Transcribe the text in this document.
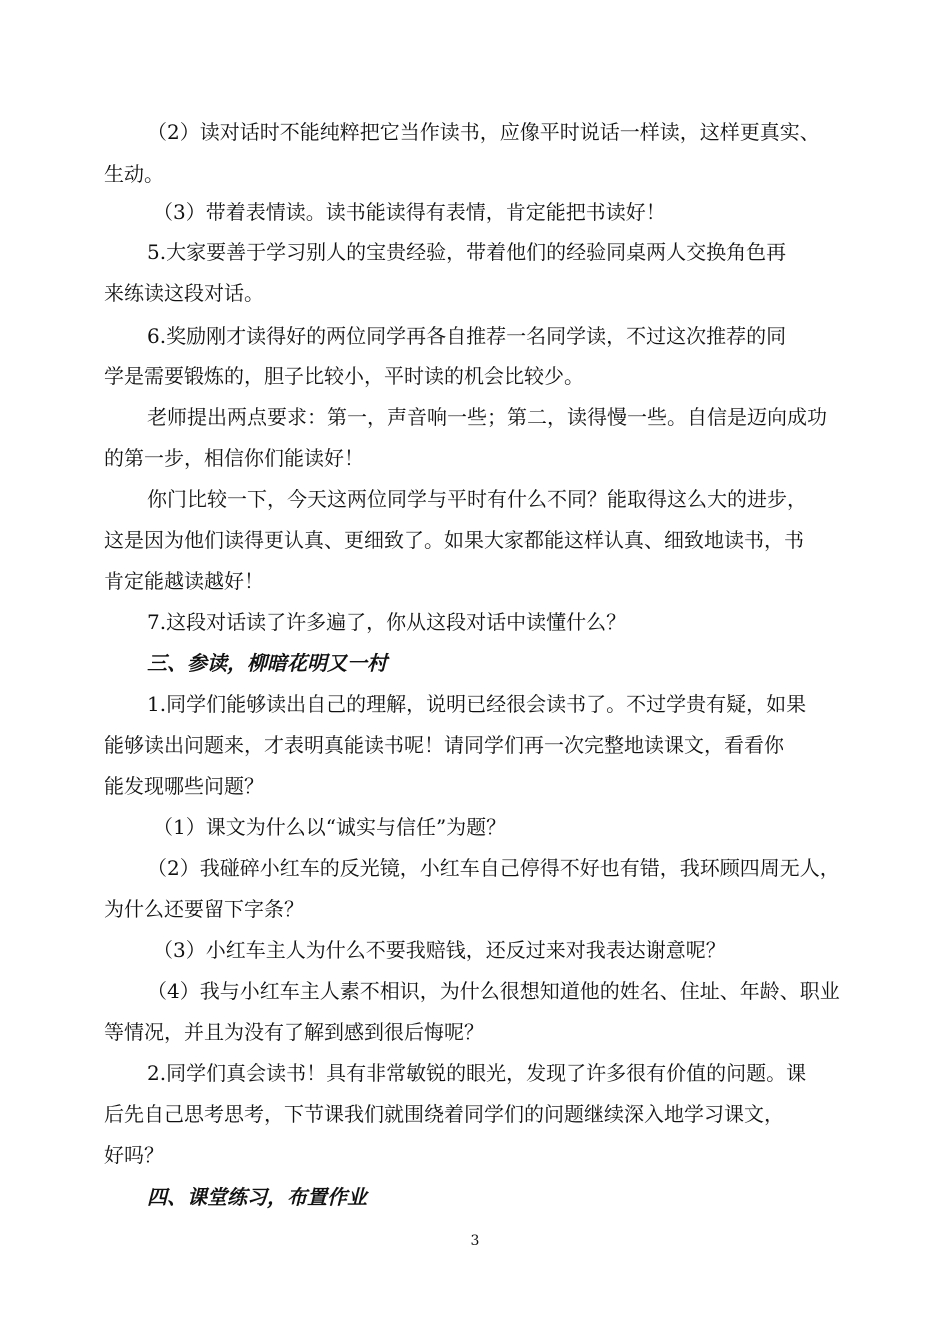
（2）读对话时不能纯粹把它当作读书，应像平时说话一样读，这样更真实、
生动。
（3）带着表情读。读书能读得有表情，肯定能把书读好！
5.大家要善于学习别人的宝贵经验，带着他们的经验同桌两人交换角色再
来练读这段对话。
6.奖励刚才读得好的两位同学再各自推荐一名同学读，不过这次推荐的同
学是需要锻炼的，胆子比较小，平时读的机会比较少。
老师提出两点要求：第一，声音响一些；第二，读得慢一些。自信是迈向成功
的第一步，相信你们能读好！
你门比较一下，今天这两位同学与平时有什么不同？能取得这么大的进步，
这是因为他们读得更认真、更细致了。如果大家都能这样认真、细致地读书，书
肯定能越读越好！
7.这段对话读了许多遍了，你从这段对话中读懂什么？
三、参读，柳暗花明又一村
1.同学们能够读出自己的理解，说明已经很会读书了。不过学贵有疑，如果
能够读出问题来，才表明真能读书呢！请同学们再一次完整地读课文，看看你
能发现哪些问题？
（1）课文为什么以“诚实与信任”为题？
（2）我碰碎小红车的反光镜，小红车自己停得不好也有错，我环顾四周无人，
为什么还要留下字条？
（3）小红车主人为什么不要我赔钱，还反过来对我表达谢意呢？
（4）我与小红车主人素不相识，为什么很想知道他的姓名、住址、年龄、职业
等情况，并且为没有了解到感到很后悔呢？
2.同学们真会读书！具有非常敏锐的眼光，发现了许多很有价值的问题。课
后先自己思考思考，下节课我们就围绕着同学们的问题继续深入地学习课文，
好吗？
四、课堂练习，布置作业
3
